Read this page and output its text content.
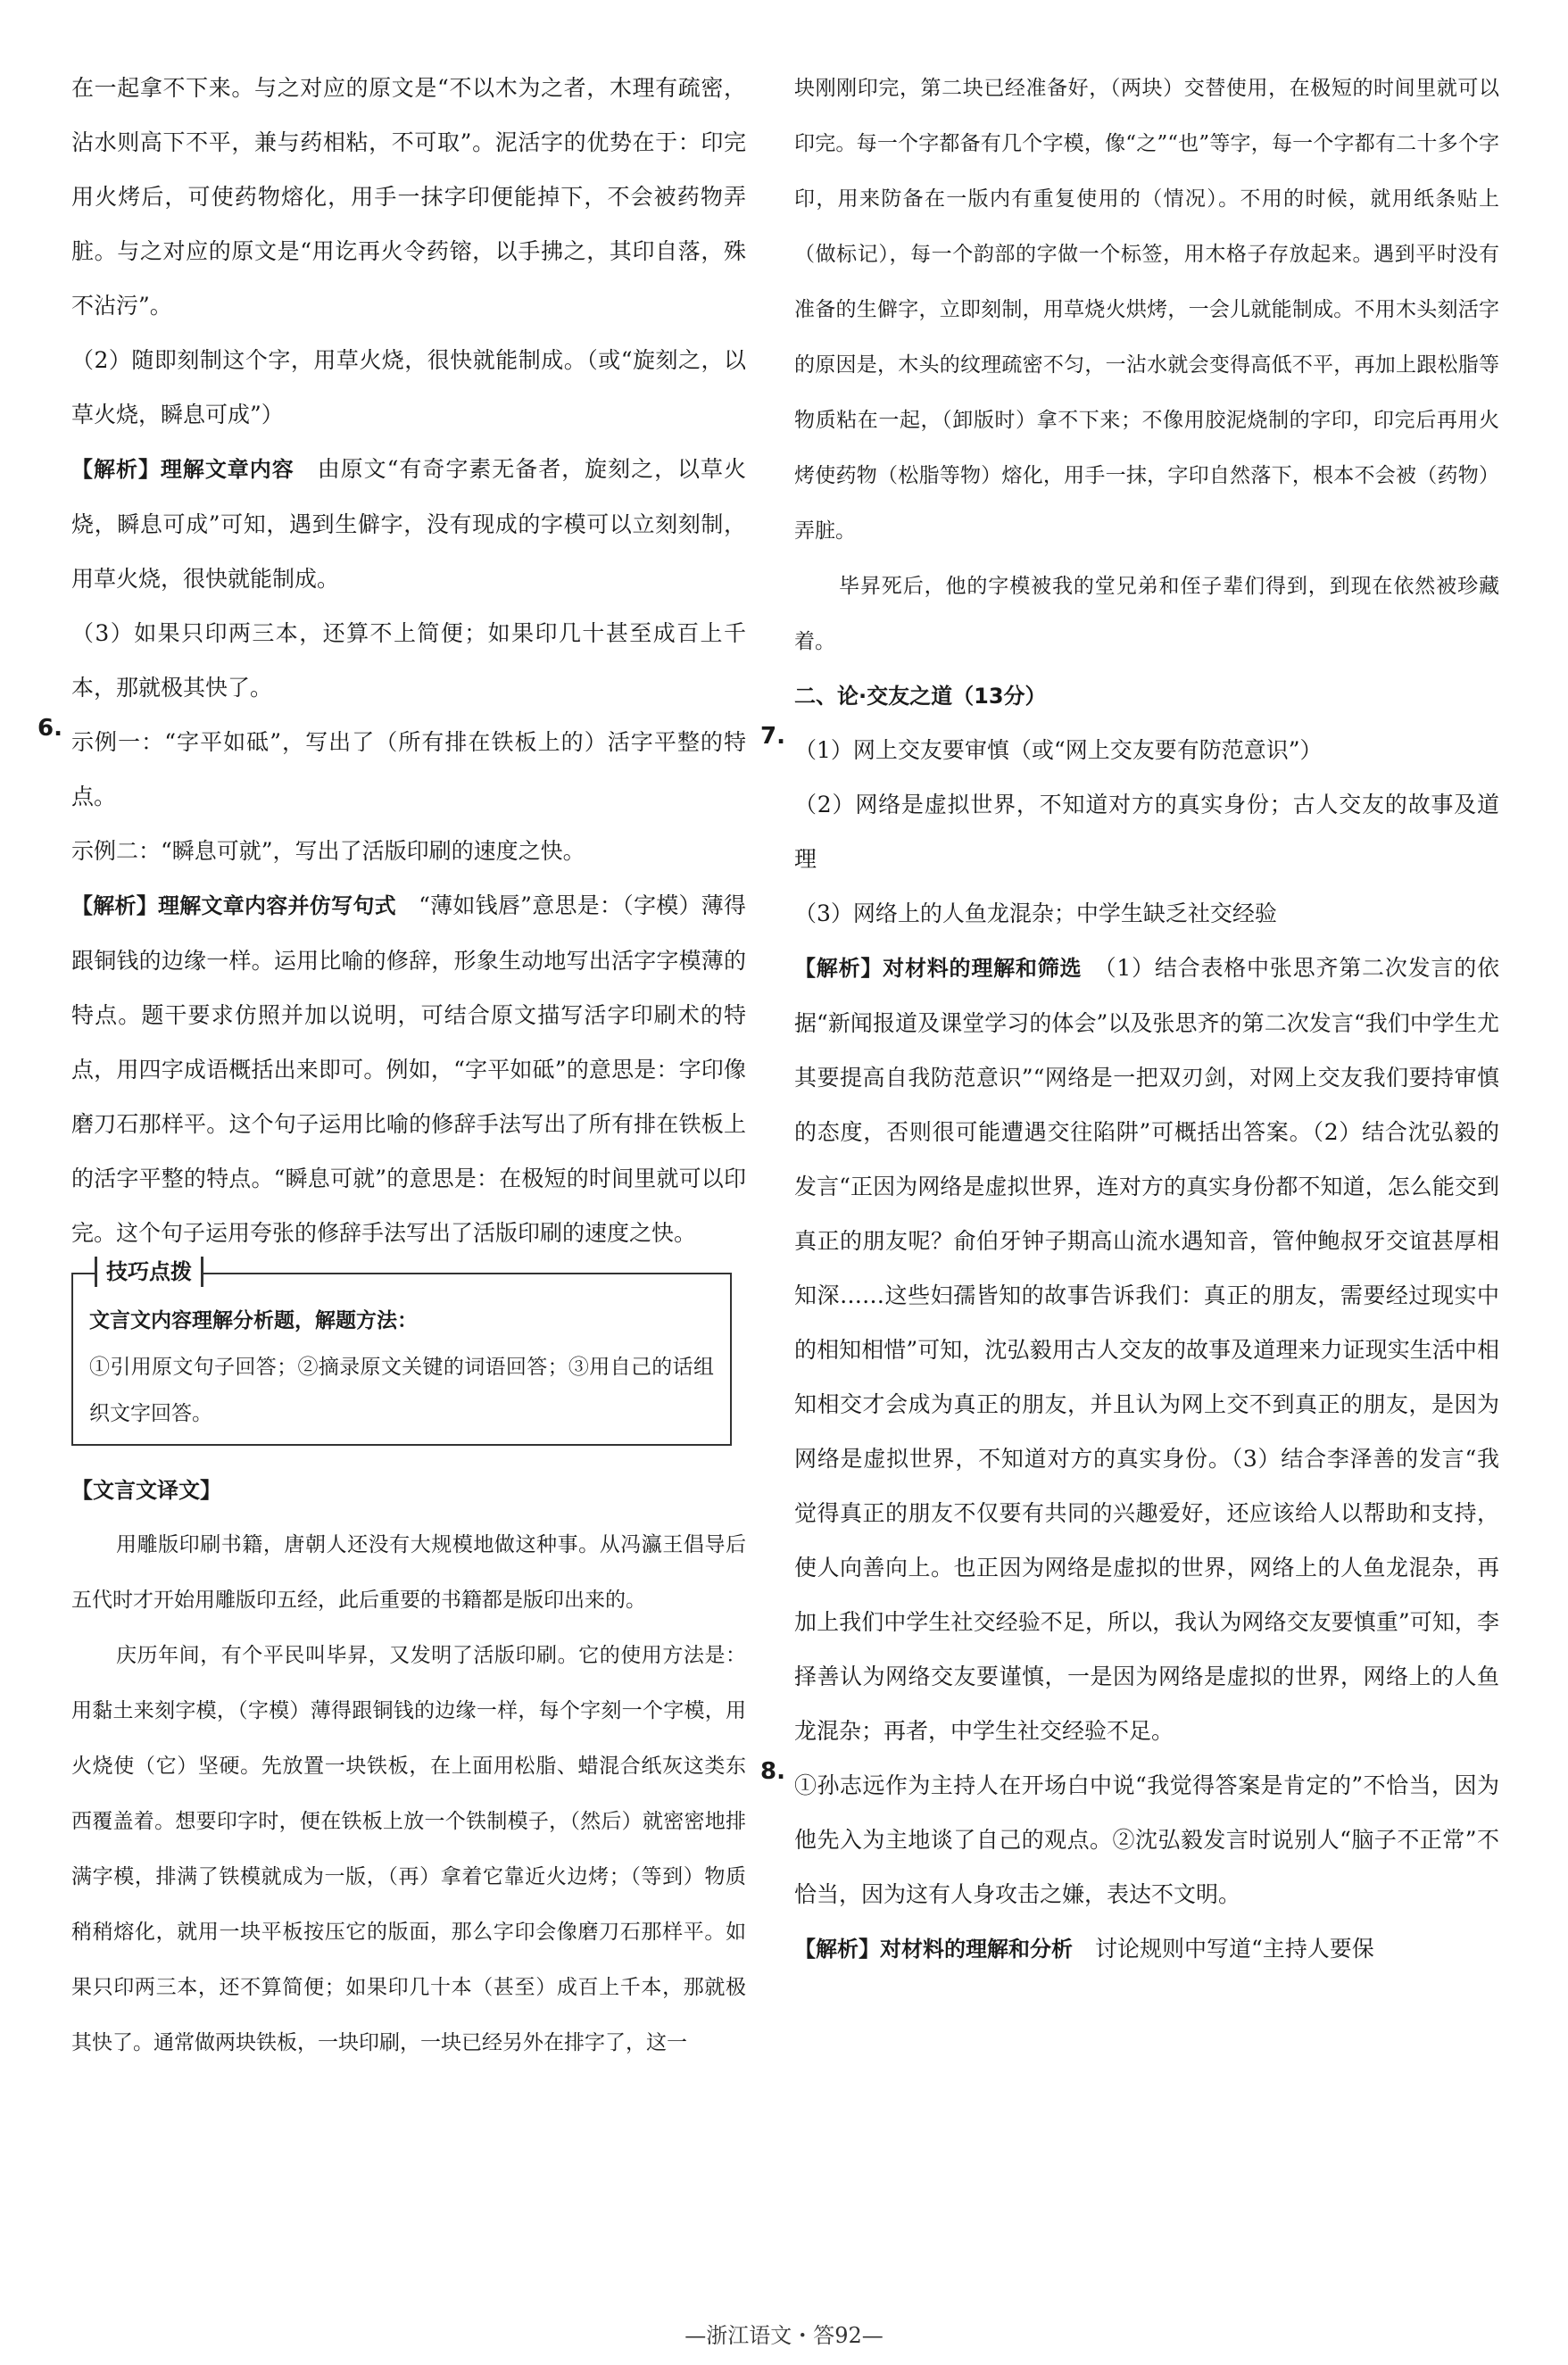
在一起拿不下来。与之对应的原文是“不以木为之者，木理有疏密，沾水则高下不平，兼与药相粘，不可取”。泥活字的优势在于：印完用火烤后，可使药物熔化，用手一抹字印便能掉下，不会被药物弄脏。与之对应的原文是“用讫再火令药镕，以手拂之，其印自落，殊不沾污”。

（2）随即刻制这个字，用草火烧，很快就能制成。（或“旋刻之，以草火烧，瞬息可成”）

【解析】理解文章内容　由原文“有奇字素无备者，旋刻之，以草火烧，瞬息可成”可知，遇到生僻字，没有现成的字模可以立刻刻制，用草火烧，很快就能制成。

（3）如果只印两三本，还算不上简便；如果印几十甚至成百上千本，那就极其快了。

6.

示例一：“字平如砥”，写出了（所有排在铁板上的）活字平整的特点。

示例二：“瞬息可就”，写出了活版印刷的速度之快。

【解析】理解文章内容并仿写句式　“薄如钱唇”意思是：（字模）薄得跟铜钱的边缘一样。运用比喻的修辞，形象生动地写出活字字模薄的特点。题干要求仿照并加以说明，可结合原文描写活字印刷术的特点，用四字成语概括出来即可。例如，“字平如砥”的意思是：字印像磨刀石那样平。这个句子运用比喻的修辞手法写出了所有排在铁板上的活字平整的特点。“瞬息可就”的意思是：在极短的时间里就可以印完。这个句子运用夸张的修辞手法写出了活版印刷的速度之快。

技巧点拨

文言文内容理解分析题，解题方法：

①引用原文句子回答；②摘录原文关键的词语回答；③用自己的话组织文字回答。

【文言文译文】

用雕版印刷书籍，唐朝人还没有大规模地做这种事。从冯瀛王倡导后五代时才开始用雕版印五经，此后重要的书籍都是版印出来的。

庆历年间，有个平民叫毕昇，又发明了活版印刷。它的使用方法是：用黏土来刻字模，（字模）薄得跟铜钱的边缘一样，每个字刻一个字模，用火烧使（它）坚硬。先放置一块铁板，在上面用松脂、蜡混合纸灰这类东西覆盖着。想要印字时，便在铁板上放一个铁制模子，（然后）就密密地排满字模，排满了铁模就成为一版，（再）拿着它靠近火边烤；（等到）物质稍稍熔化，就用一块平板按压它的版面，那么字印会像磨刀石那样平。如果只印两三本，还不算简便；如果印几十本（甚至）成百上千本，那就极其快了。通常做两块铁板，一块印刷，一块已经另外在排字了，这一

块刚刚印完，第二块已经准备好，（两块）交替使用，在极短的时间里就可以印完。每一个字都备有几个字模，像“之”“也”等字，每一个字都有二十多个字印，用来防备在一版内有重复使用的（情况）。不用的时候，就用纸条贴上（做标记），每一个韵部的字做一个标签，用木格子存放起来。遇到平时没有准备的生僻字，立即刻制，用草烧火烘烤，一会儿就能制成。不用木头刻活字的原因是，木头的纹理疏密不匀，一沾水就会变得高低不平，再加上跟松脂等物质粘在一起，（卸版时）拿不下来；不像用胶泥烧制的字印，印完后再用火烤使药物（松脂等物）熔化，用手一抹，字印自然落下，根本不会被（药物）弄脏。

毕昇死后，他的字模被我的堂兄弟和侄子辈们得到，到现在依然被珍藏着。

二、论·交友之道（13分）

7.

（1）网上交友要审慎（或“网上交友要有防范意识”）

（2）网络是虚拟世界，不知道对方的真实身份；古人交友的故事及道理

（3）网络上的人鱼龙混杂；中学生缺乏社交经验

【解析】对材料的理解和筛选　（1）结合表格中张思齐第二次发言的依据“新闻报道及课堂学习的体会”以及张思齐的第二次发言“我们中学生尤其要提高自我防范意识”“网络是一把双刃剑，对网上交友我们要持审慎的态度，否则很可能遭遇交往陷阱”可概括出答案。（2）结合沈弘毅的发言“正因为网络是虚拟世界，连对方的真实身份都不知道，怎么能交到真正的朋友呢？俞伯牙钟子期高山流水遇知音，管仲鲍叔牙交谊甚厚相知深……这些妇孺皆知的故事告诉我们：真正的朋友，需要经过现实中的相知相惜”可知，沈弘毅用古人交友的故事及道理来力证现实生活中相知相交才会成为真正的朋友，并且认为网上交不到真正的朋友，是因为网络是虚拟世界，不知道对方的真实身份。（3）结合李泽善的发言“我觉得真正的朋友不仅要有共同的兴趣爱好，还应该给人以帮助和支持，使人向善向上。也正因为网络是虚拟的世界，网络上的人鱼龙混杂，再加上我们中学生社交经验不足，所以，我认为网络交友要慎重”可知，李择善认为网络交友要谨慎，一是因为网络是虚拟的世界，网络上的人鱼龙混杂；再者，中学生社交经验不足。

8.

①孙志远作为主持人在开场白中说“我觉得答案是肯定的”不恰当，因为他先入为主地谈了自己的观点。②沈弘毅发言时说别人“脑子不正常”不恰当，因为这有人身攻击之嫌，表达不文明。

【解析】对材料的理解和分析　讨论规则中写道“主持人要保

—浙江语文・答92—
